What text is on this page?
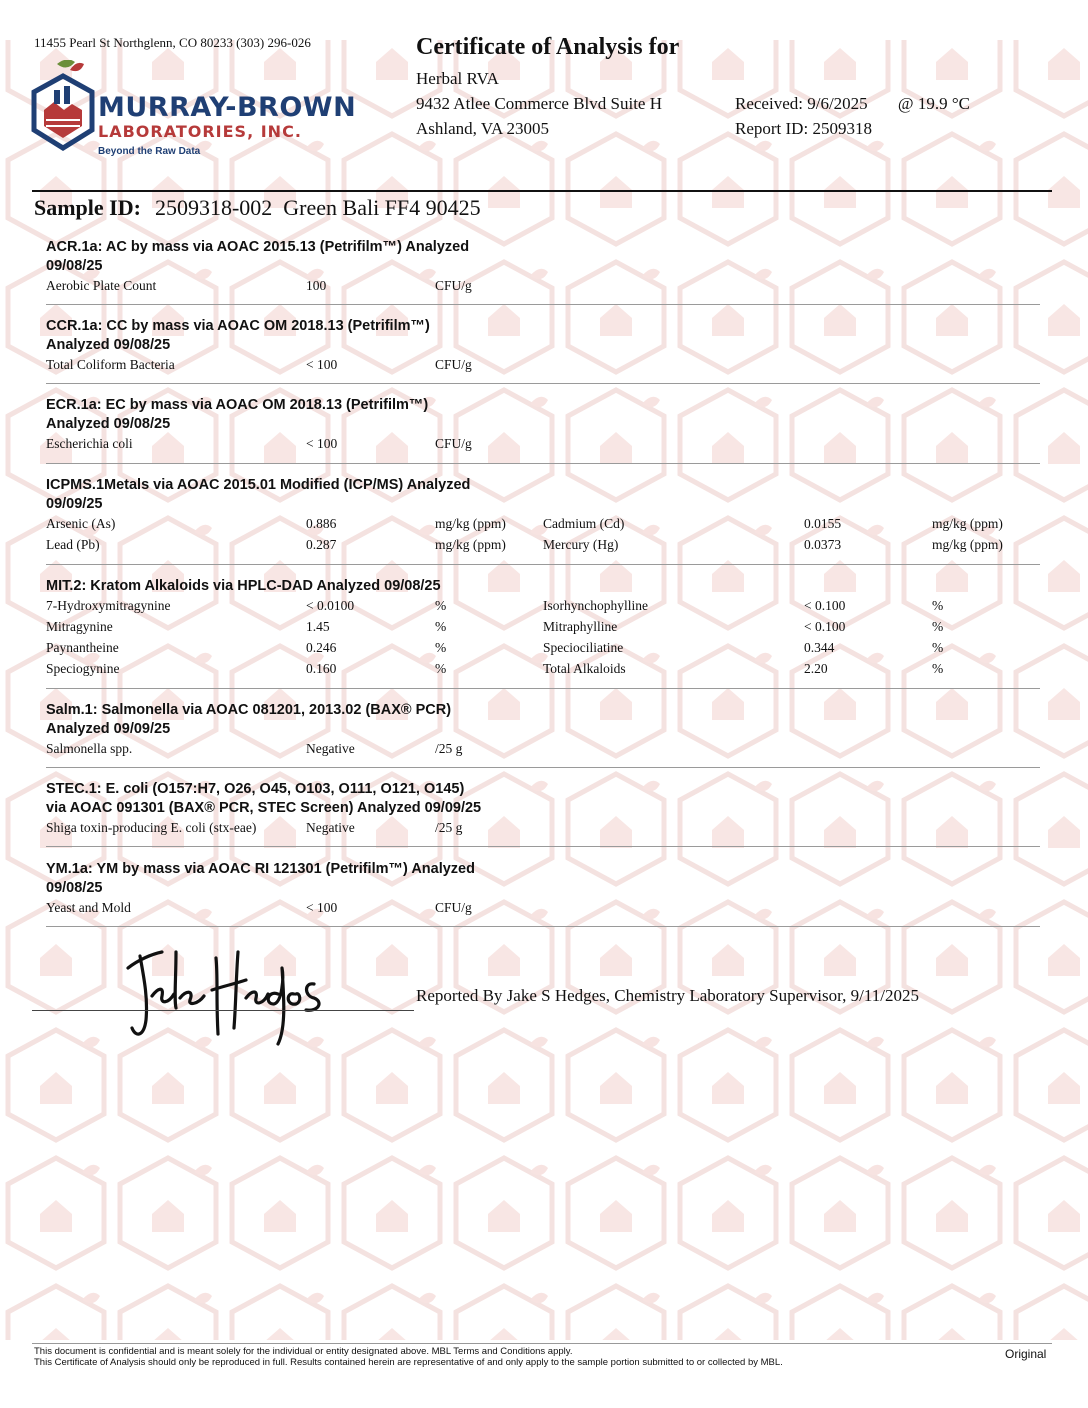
11455 Pearl St Northglenn, CO 80233 (303) 296-026
MURRAY-BROWN
LABORATORIES, INC.
Beyond the Raw Data
Certificate of Analysis for
Herbal RVA
9432 Atlee Commerce Blvd Suite H
Ashland, VA 23005
Received: 9/6/2025 @ 19.9 °C
Report ID: 2509318
Sample ID: 2509318-002  Green Bali FF4 90425
ACR.1a: AC by mass via AOAC 2015.13 (Petrifilm™) Analyzed
09/08/25
Aerobic Plate Count	100	CFU/g
CCR.1a: CC by mass via AOAC OM 2018.13 (Petrifilm™)
Analyzed 09/08/25
Total Coliform Bacteria	< 100	CFU/g
ECR.1a: EC by mass via AOAC OM 2018.13 (Petrifilm™)
Analyzed 09/08/25
Escherichia coli	< 100	CFU/g
ICPMS.1Metals via AOAC 2015.01 Modified (ICP/MS) Analyzed
09/09/25
Arsenic (As)	0.886	mg/kg (ppm)	Cadmium (Cd)	0.0155	mg/kg (ppm)
Lead (Pb)	0.287	mg/kg (ppm)	Mercury (Hg)	0.0373	mg/kg (ppm)
MIT.2: Kratom Alkaloids via HPLC-DAD Analyzed 09/08/25
7-Hydroxymitragynine	< 0.0100	%	Isorhynchophylline	< 0.100	%
Mitragynine	1.45	%	Mitraphylline	< 0.100	%
Paynantheine	0.246	%	Speciociliatine	0.344	%
Speciogynine	0.160	%	Total Alkaloids	2.20	%
Salm.1: Salmonella via AOAC 081201, 2013.02 (BAX® PCR)
Analyzed 09/09/25
Salmonella spp.	Negative	/25 g
STEC.1: E. coli (O157:H7, O26, O45, O103, O111, O121, O145)
via AOAC 091301 (BAX® PCR, STEC Screen) Analyzed 09/09/25
Shiga toxin-producing E. coli (stx-eae)	Negative	/25 g
YM.1a: YM by mass via AOAC RI 121301 (Petrifilm™) Analyzed
09/08/25
Yeast and Mold	< 100	CFU/g
Reported By Jake S Hedges, Chemistry Laboratory Supervisor, 9/11/2025
This document is confidential and is meant solely for the individual or entity designated above. MBL Terms and Conditions apply.
This Certificate of Analysis should only be reproduced in full. Results contained herein are representative of and only apply to the sample portion submitted to or collected by MBL.
Original
